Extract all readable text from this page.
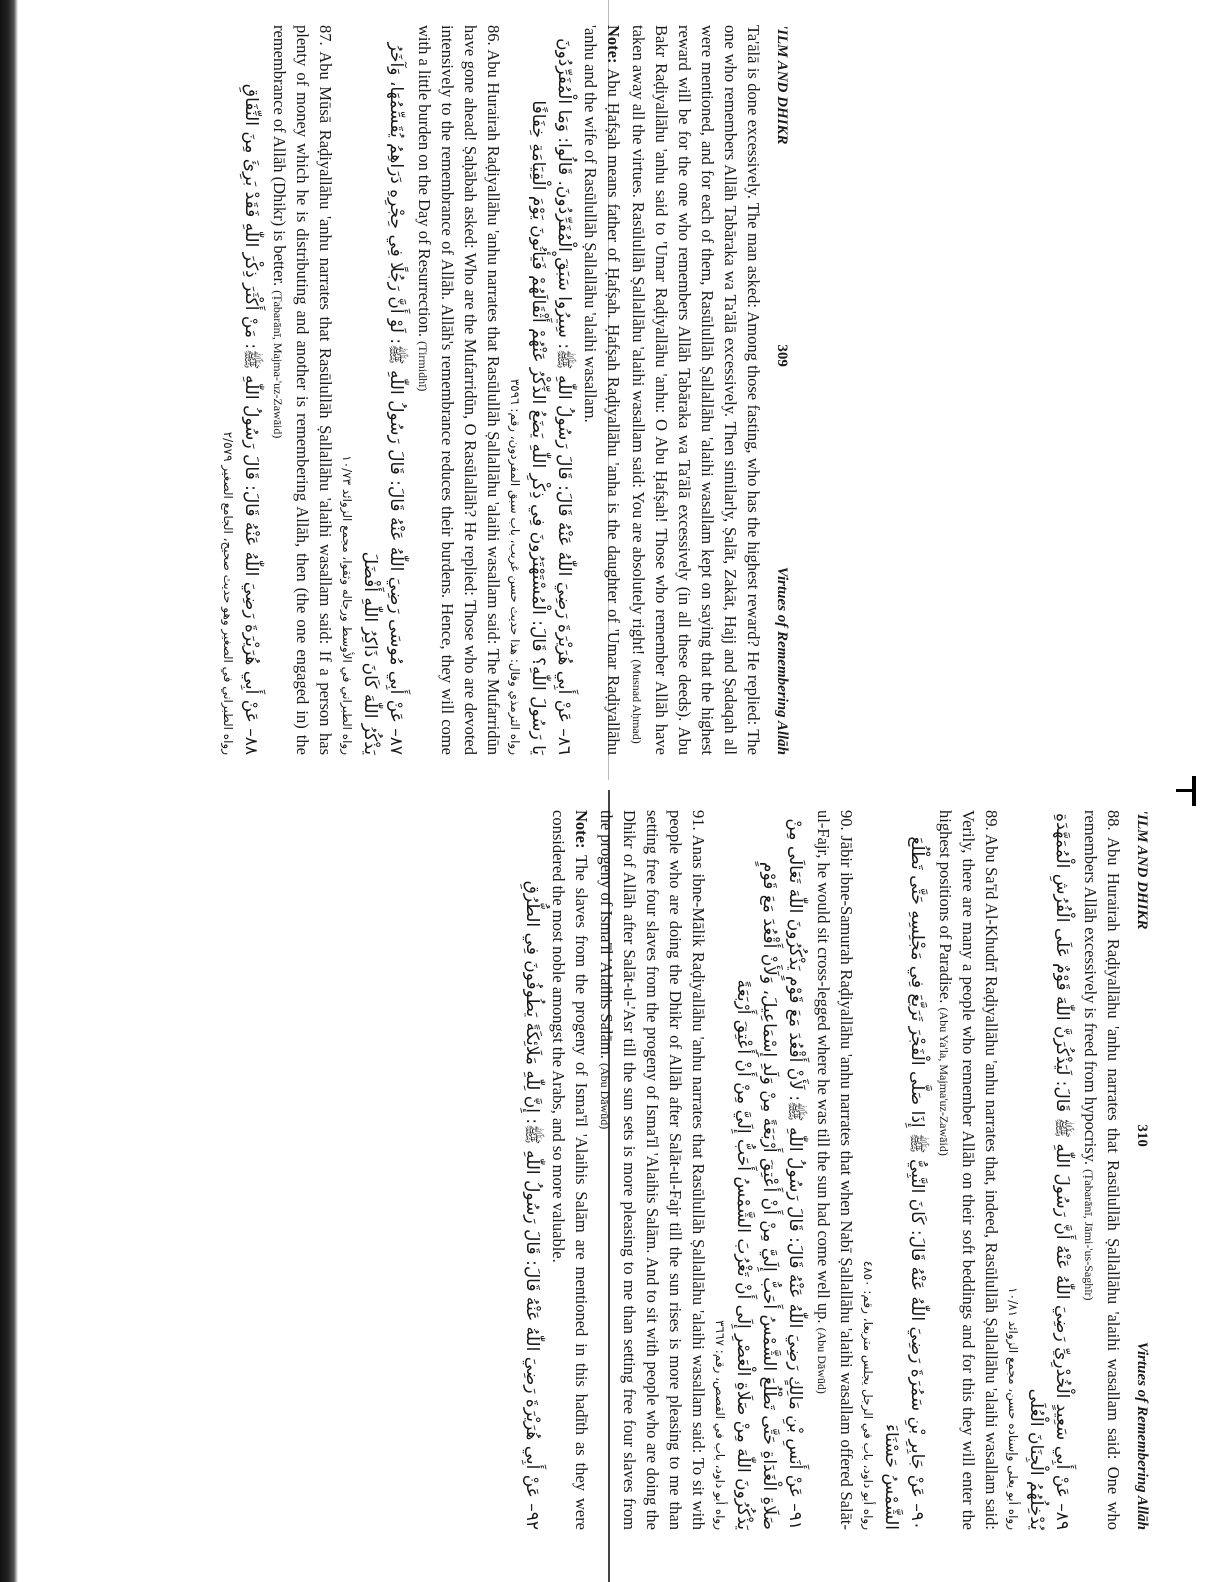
'ILM AND DHIKR
309
Virtues of Remembering Allāh

Ta'ālā is done excessively. The man asked: Among those fasting, who has the highest reward? He replied: The one who remembers Allāh Tabāraka wa Ta'ālā excessively. Then similarly, Ṣalāt, Zakāt, Hajj and Ṣadaqah all were mentioned, and for each of them, Rasūlullāh Ṣallallāhu 'alaihi wasallam kept on saying that the highest reward will be for the one who remembers Allāh Tabāraka wa Ta'ālā excessively (in all these deeds). Abu Bakr Raḍiyallāhu 'anhu said to 'Umar Raḍiyallāhu 'anhu: O Abu Ḥafṣah! Those who remember Allāh have taken away all the virtues. Rasūlullāh Ṣallallāhu 'alaihi wasallam said: You are absolutely right! (Musnad Aḥmad)

Note: Abu Ḥafṣah means father of Ḥafṣah. Ḥafṣah Raḍiyallāhu 'anha is the daughter of 'Umar Raḍiyallāhu 'anhu and the wife of Rasūlullāh Ṣallallāhu 'alaihi wasallam.

٨٦– عَنْ أَبِي هُرَيْرَةَ رَضِيَ اللّٰهُ عَنْهُ قَالَ: قَالَ رَسُولُ اللّٰهِ ﷺ: سِيرُوا سَبَقَ الْمُفَرِّدُونَ. قَالُوا: وَمَا الْمُفَرِّدُونَ يَا رَسُولَ اللّٰهِ؟ قَالَ: الْمُسْتَهْتَرُونَ فِي ذِكْرِ اللّٰهِ يَضَعُ الذِّكْرُ عَنْهُمْ أَثْقَالَهُمْ فَيَأْتُونَ يَوْمَ الْقِيَامَةِ خِفَافًا

رواه الترمذي وقال: هذا حديث حسن غريب، باب سبق المفردون، رقم: ٣٥٩٦

86. Abu Hurairah Raḍiyallāhu 'anhu narrates that Rasūlullāh Ṣallallāhu 'alaihi wasallam said: The Mufarridūn have gone ahead! Ṣaḥābah asked: Who are the Mufarridūn, O Rasūlallāh? He replied: Those who are devoted intensively to the remembrance of Allāh. Allāh's remembrance reduces their burdens. Hence, they will come with a little burden on the Day of Resurrection. (Tirmidhī)

٨٧– عَنْ أَبِي مُوسَى رَضِيَ اللّٰهُ عَنْهُ قَالَ: قَالَ رَسُولُ اللّٰهِ ﷺ: لَوْ أَنَّ رَجُلًا فِي حِجْرِهِ دَرَاهِمُ يُقَسِّمُهَا، وَآخَرُ يَذْكُرُ اللّٰهَ كَانَ ذَاكِرُ اللّٰهِ أَفْضَلَ

رواه الطبراني في الأوسط ورجاله وثقوا، مجمع الزوائد ١٠/٧٣

87. Abu Mūsā Raḍiyallāhu 'anhu narrates that Rasūlullāh Ṣallallāhu 'alaihi wasallam said: If a person has plenty of money which he is distributing and another is remembering Allāh, then (the one engaged in) the remembrance of Allāh (Dhikr) is better. (Ṭabarānī, Majma-'uz-Zawāid)

٨٨– عَنْ أَبِي هُرَيْرَةَ رَضِيَ اللّٰهُ عَنْهُ قَالَ: قَالَ رَسُولُ اللّٰهِ ﷺ: مَنْ أَكْثَرَ ذِكْرَ اللّٰهِ فَقَدْ بَرِئَ مِنَ النِّفَاقِ

رواه الطبراني في الصغير وهو حديث صحيح، الجامع الصغير ٢/٥٧٩

'ILM AND DHIKR
310
Virtues of Remembering Allāh

88. Abu Hurairah Raḍiyallāhu 'anhu narrates that Rasūlullāh Ṣallallāhu 'alaihi wasallam said: One who remembers Allāh excessively is freed from hypocrisy. (Ṭabarānī, Jāmi-'us-Saghīr)

٨٩– عَنْ أَبِي سَعِيدٍ الْخُدْرِيِّ رَضِيَ اللّٰهُ عَنْهُ أَنَّ رَسُولَ اللّٰهِ ﷺ قَالَ: لَيَذْكُرَنَّ اللّٰهَ قَوْمٌ عَلَى الْفُرُشِ الْمُمَهَّدَةِ يُدْخِلُهُمُ الْجِنَانَ الْعُلَى

رواه أبو يعلى وإسناده حسن، مجمع الزوائد ١٠/٨١

89. Abu Sa'īd Al-Khudrī Raḍiyallāhu 'anhu narrates that, indeed, Rasūlullāh Ṣallallāhu 'alaihi wasallam said: Verily, there are many a people who remember Allāh on their soft beddings and for this they will enter the highest positions of Paradise. (Abu Ya'la, Majma'uz-Zawāid)

٩٠– عَنْ جَابِرِ بْنِ سَمُرَةَ رَضِيَ اللّٰهُ عَنْهُ قَالَ: كَانَ النَّبِيُّ ﷺ إِذَا صَلَّى الْفَجْرَ تَرَبَّعَ فِي مَجْلِسِهِ حَتَّى تَطْلُعَ الشَّمْسُ حَسْنَاءَ

رواه أبو داود، باب في الرجل يجلس متربعا، رقم: ٤٨٥٠

90. Jābir ibne-Samurah Raḍiyallāhu 'anhu narrates that when Nabī Ṣallallāhu 'alaihi wasallam offered Salāt-ul-Fajr, he would sit cross-legged where he was till the sun had come well up. (Abu Dāwūd)

٩١– عَنْ أَنَسِ بْنِ مَالِكٍ رَضِيَ اللّٰهُ عَنْهُ قَالَ: قَالَ رَسُولُ اللّٰهِ ﷺ: لَأَنْ أَقْعُدَ مَعَ قَوْمٍ يَذْكُرُونَ اللّٰهَ تَعَالَى مِنْ صَلَاةِ الْغَدَاةِ حَتَّى تَطْلُعَ الشَّمْسُ أَحَبُّ إِلَيَّ مِنْ أَنْ أَعْتِقَ أَرْبَعَةً مِنْ وَلَدِ إِسْمَاعِيلَ، وَلَأَنْ أَقْعُدَ مَعَ قَوْمٍ يَذْكُرُونَ اللّٰهَ مِنْ صَلَاةِ الْعَصْرِ إِلَى أَنْ تَغْرُبَ الشَّمْسُ أَحَبُّ إِلَيَّ مِنْ أَنْ أَعْتِقَ أَرْبَعَةً

رواه أبو داود، باب في القصص، رقم: ٣٦٦٧

91. Anas ibne-Mālik Raḍiyallāhu 'anhu narrates that Rasūlullāh Ṣallallāhu 'alaihi wasallam said: To sit with people who are doing the Dhikr of Allāh after Salāt-ul-Fajr till the sun rises is more pleasing to me than setting free four slaves from the progeny of Isma'īl 'Alaihis Salām. And to sit with people who are doing the Dhikr of Allāh after Salāt-ul-'Asr till the sun sets is more pleasing to me than setting free four slaves from the progeny of Isma'īl 'Alaihis Salām. (Abu Dāwūd)

Note: The slaves from the progeny of Isma'īl 'Alaihis Salām are mentioned in this hadīth as they were considered the most noble amongst the Arabs, and so more valuable.

٩٢– عَنْ أَبِي هُرَيْرَةَ رَضِيَ اللّٰهُ عَنْهُ قَالَ: قَالَ رَسُولُ اللّٰهِ ﷺ: إِنَّ لِلّٰهِ مَلَائِكَةً يَطُوفُونَ فِي الطُّرُقِ
